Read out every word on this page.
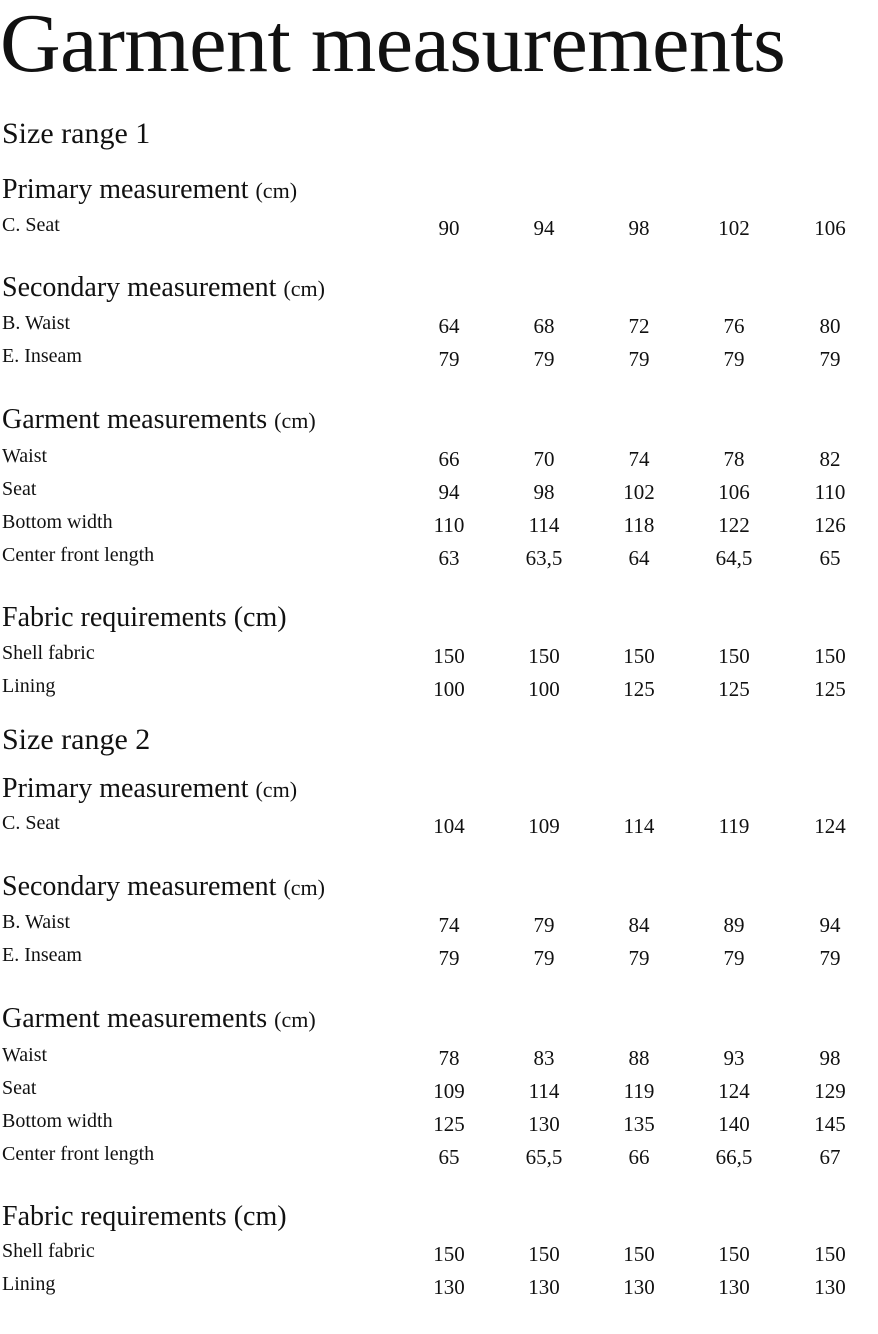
Garment measurements
Size range 1
Primary measurement (cm)
C. Seat	90	94	98	102	106
Secondary measurement (cm)
B. Waist	64	68	72	76	80
E. Inseam	79	79	79	79	79
Garment measurements (cm)
Waist	66	70	74	78	82
Seat	94	98	102	106	110
Bottom width	110	114	118	122	126
Center front length	63	63,5	64	64,5	65
Fabric requirements (cm)
Shell fabric	150	150	150	150	150
Lining	100	100	125	125	125
Size range 2
Primary measurement (cm)
C. Seat	104	109	114	119	124
Secondary measurement (cm)
B. Waist	74	79	84	89	94
E. Inseam	79	79	79	79	79
Garment measurements (cm)
Waist	78	83	88	93	98
Seat	109	114	119	124	129
Bottom width	125	130	135	140	145
Center front length	65	65,5	66	66,5	67
Fabric requirements (cm)
Shell fabric	150	150	150	150	150
Lining	130	130	130	130	130
